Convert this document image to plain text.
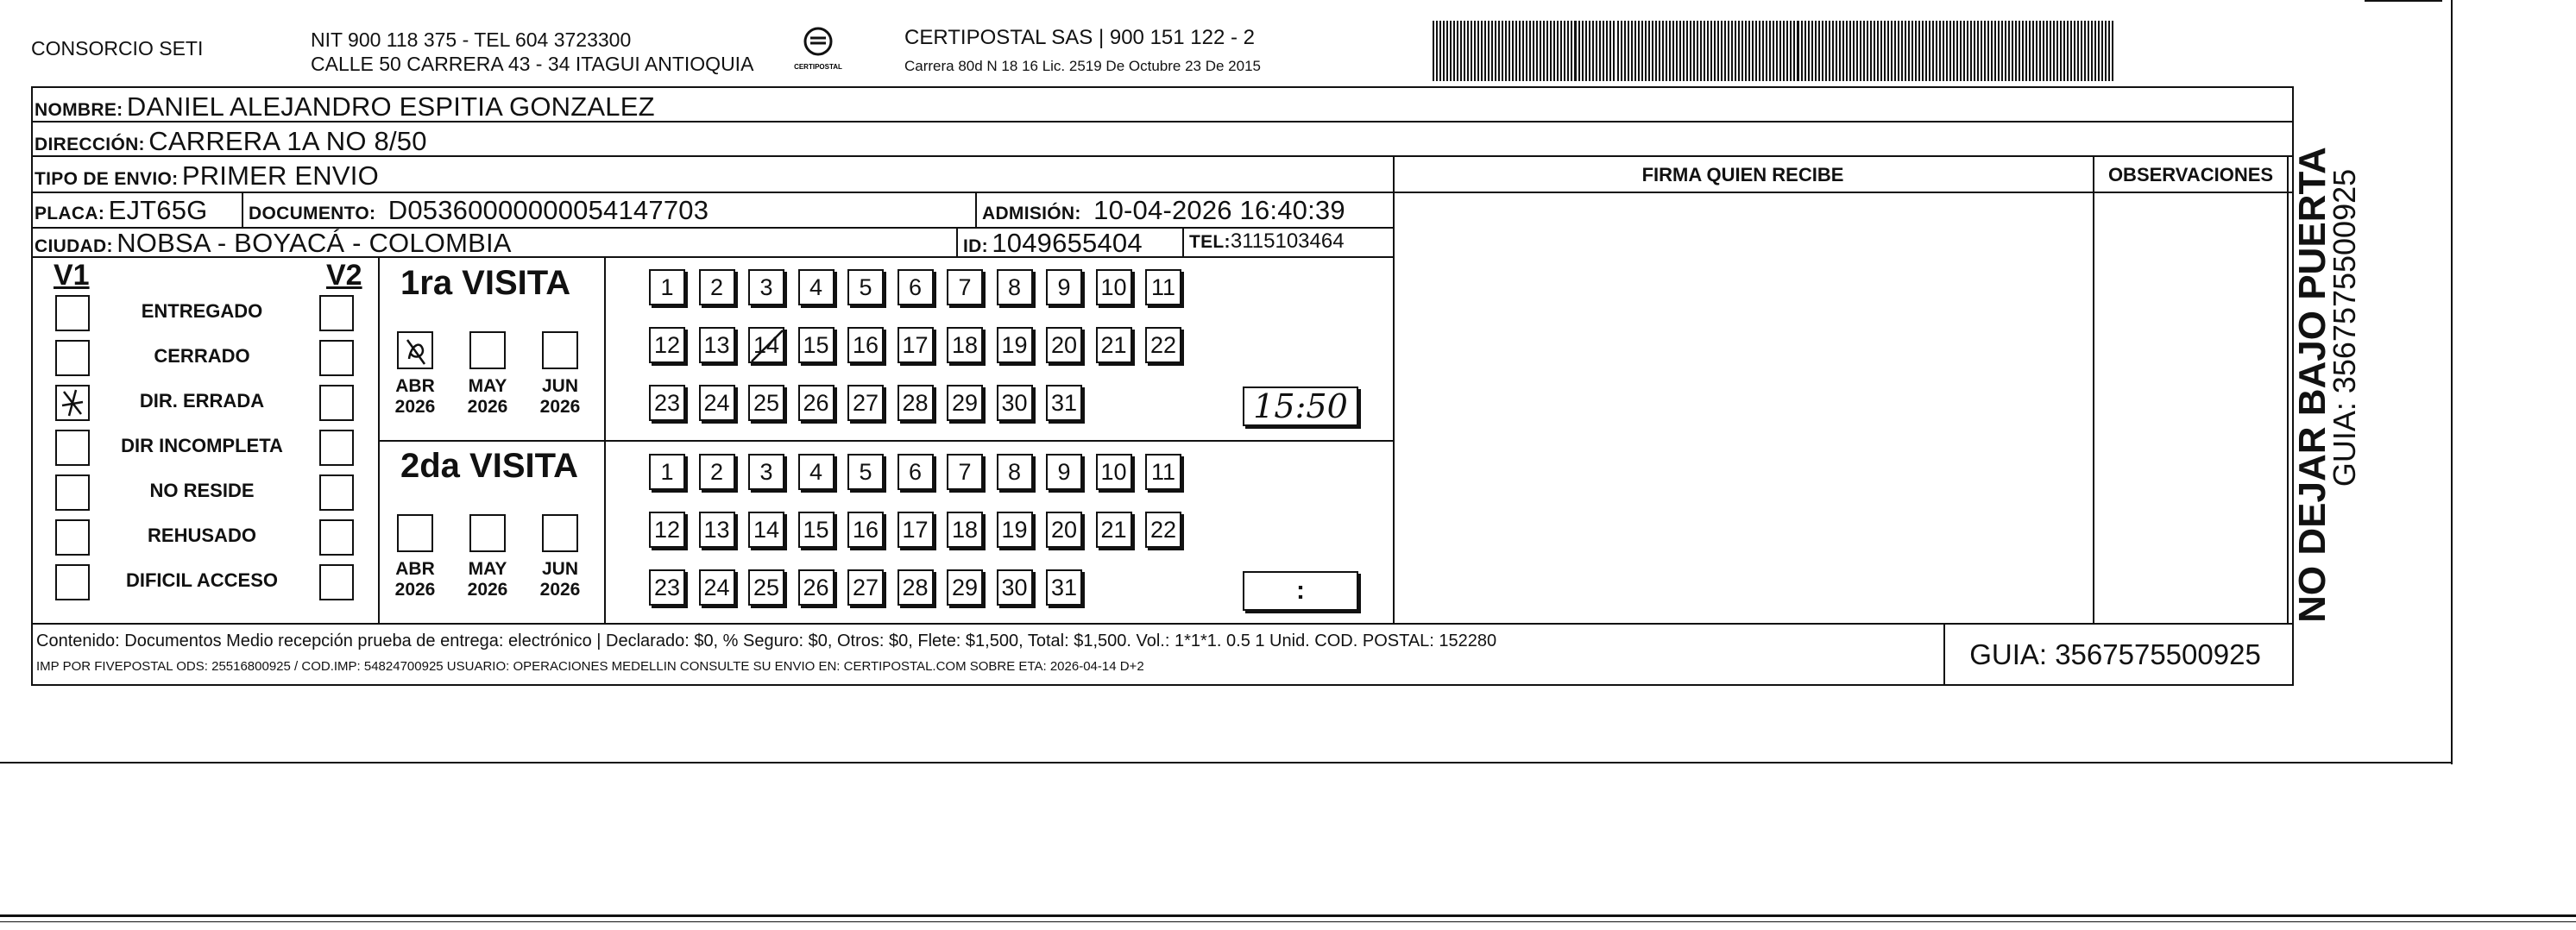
CONSORCIO SETI	NIT 900 118 375 - TEL 604 3723300
CALLE 50 CARRERA 43 - 34 ITAGUI ANTIOQUIA	CERTIPOSTAL
CERTIPOSTAL SAS | 900 151 122 - 2
Carrera 80d N 18 16 Lic. 2519 De Octubre 23 De 2015
NOMBRE: DANIEL ALEJANDRO ESPITIA GONZALEZ
DIRECCIÓN: CARRERA 1A NO 8/50
TIPO DE ENVIO: PRIMER ENVIO
PLACA: EJT65G DOCUMENTO: D05360000000054147703	ADMISIÓN: 10-04-2026 16:40:39
CIUDAD: NOBSA - BOYACÁ - COLOMBIA	ID: 1049655404	TEL:3115103464
FIRMA QUIEN RECIBE	OBSERVACIONES
V1	V2
ENTREGADO
CERRADO
DIR. ERRADA
DIR INCOMPLETA
NO RESIDE
REHUSADO
DIFICIL ACCESO
1ra VISITA
2da VISITA
ABR
2026
MAY
2026
JUN
2026
ABR
2026
MAY
2026
JUN
2026
1 2 3 4 5 6 7 8 9 10 11
12 13 14 15 16 17 18 19 20 21 22
23 24 25 26 27 28 29 30 31
1 2 3 4 5 6 7 8 9 10 11
12 13 14 15 16 17 18 19 20 21 22
23 24 25 26 27 28 29 30 31
15:50
:
Contenido: Documentos Medio recepción prueba de entrega: electrónico | Declarado: $0, % Seguro: $0, Otros: $0, Flete: $1,500, Total: $1,500. Vol.: 1*1*1. 0.5 1 Unid. COD. POSTAL: 152280
IMP POR FIVEPOSTAL ODS: 25516800925 / COD.IMP: 54824700925 USUARIO: OPERACIONES MEDELLIN CONSULTE SU ENVIO EN: CERTIPOSTAL.COM SOBRE ETA: 2026-04-14 D+2	GUIA: 3567575500925
NO DEJAR BAJO PUERTA
GUIA: 3567575500925
